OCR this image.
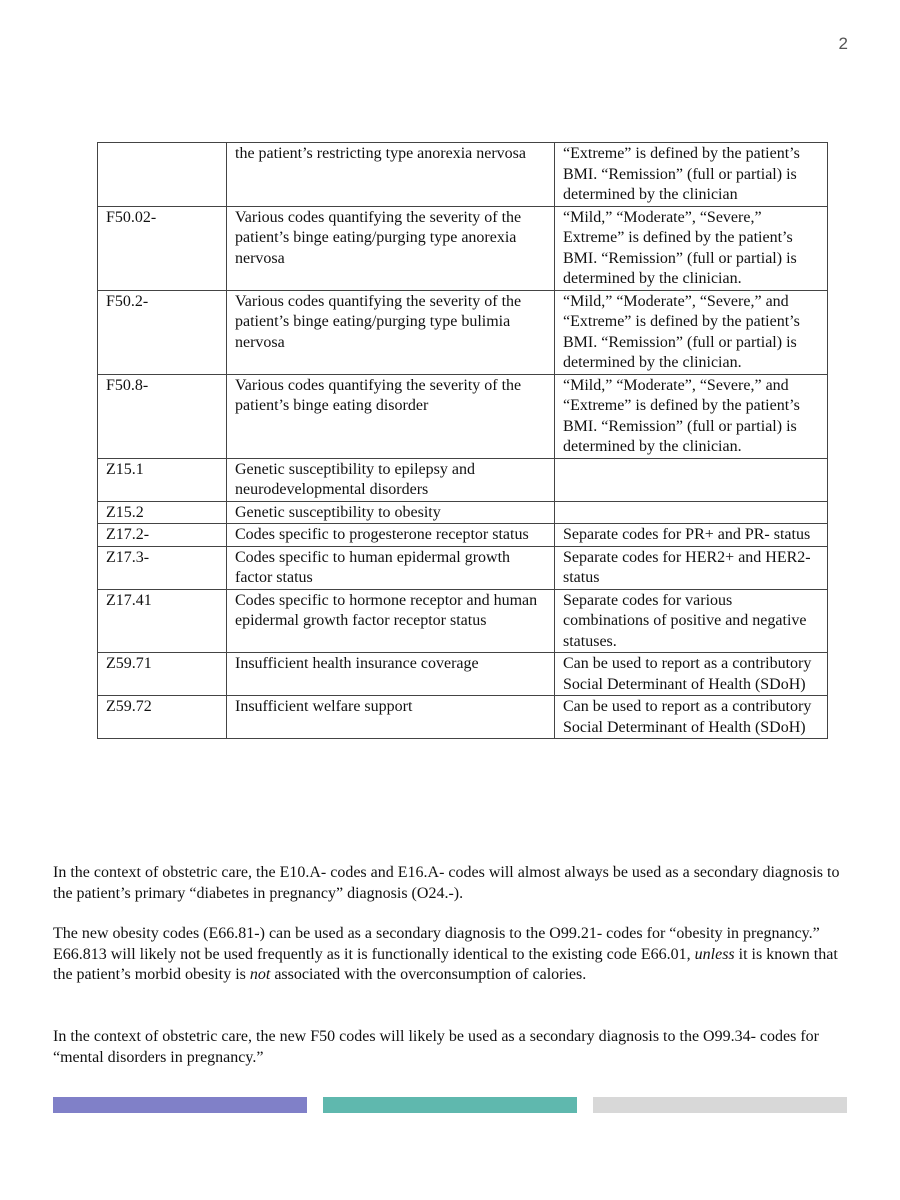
2
	the patient’s restricting type anorexia nervosa	“Extreme” is defined by the patient’s BMI. “Remission” (full or partial) is determined by the clinician
F50.02-	Various codes quantifying the severity of the patient’s binge eating/purging type anorexia nervosa	“Mild,” “Moderate”, “Severe,” Extreme” is defined by the patient’s BMI. “Remission” (full or partial) is determined by the clinician.
F50.2-	Various codes quantifying the severity of the patient’s binge eating/purging type bulimia nervosa	“Mild,” “Moderate”, “Severe,” and “Extreme” is defined by the patient’s BMI. “Remission” (full or partial) is determined by the clinician.
F50.8-	Various codes quantifying the severity of the patient’s binge eating disorder	“Mild,” “Moderate”, “Severe,” and “Extreme” is defined by the patient’s BMI. “Remission” (full or partial) is determined by the clinician.
Z15.1	Genetic susceptibility to epilepsy and neurodevelopmental disorders	
Z15.2	Genetic susceptibility to obesity	
Z17.2-	Codes specific to progesterone receptor status	Separate codes for PR+ and PR- status
Z17.3-	Codes specific to human epidermal growth factor status	Separate codes for HER2+ and HER2- status
Z17.41	Codes specific to hormone receptor and human epidermal growth factor receptor status	Separate codes for various combinations of positive and negative statuses.
Z59.71	Insufficient health insurance coverage	Can be used to report as a contributory Social Determinant of Health (SDoH)
Z59.72	Insufficient welfare support	Can be used to report as a contributory Social Determinant of Health (SDoH)

In the context of obstetric care, the E10.A- codes and E16.A- codes will almost always be used as a secondary diagnosis to the patient’s primary “diabetes in pregnancy” diagnosis (O24.-).

The new obesity codes (E66.81-) can be used as a secondary diagnosis to the O99.21- codes for “obesity in pregnancy.” E66.813 will likely not be used frequently as it is functionally identical to the existing code E66.01, unless it is known that the patient’s morbid obesity is not associated with the overconsumption of calories.

In the context of obstetric care, the new F50 codes will likely be used as a secondary diagnosis to the O99.34- codes for “mental disorders in pregnancy.”
